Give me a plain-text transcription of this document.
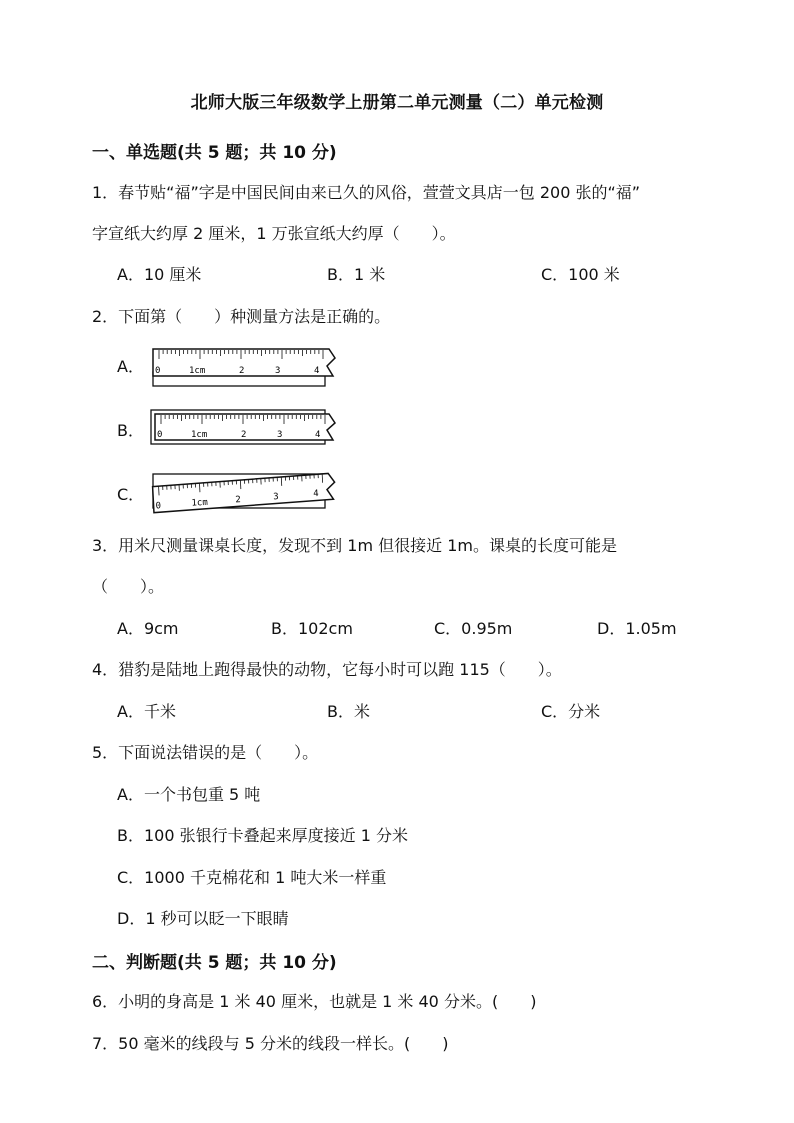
北师大版三年级数学上册第二单元测量（二）单元检测
一、单选题(共 5 题；共 10 分)
1．春节贴“福”字是中国民间由来已久的风俗，萱萱文具店一包 200 张的“福”
字宣纸大约厚 2 厘米，1 万张宣纸大约厚（　　）。
A．10 厘米	B．1 米	C．100 米
2．下面第（　　）种测量方法是正确的。
A． 0	1cm	2	3	4
B． 0	1cm	2	3	4
C．
0	1cm	2	3	4
3．用米尺测量课桌长度，发现不到 1m 但很接近 1m。课桌的长度可能是
（　　）。
A．9cm	B．102cm	C．0.95m	D．1.05m
4．猎豹是陆地上跑得最快的动物，它每小时可以跑 115（　　）。
A．千米	B．米	C．分米
5．下面说法错误的是（　　）。
A．一个书包重 5 吨
B．100 张银行卡叠起来厚度接近 1 分米
C．1000 千克棉花和 1 吨大米一样重
D．1 秒可以眨一下眼睛
二、判断题(共 5 题；共 10 分)
6．小明的身高是 1 米 40 厘米，也就是 1 米 40 分米。(　　)
7．50 毫米的线段与 5 分米的线段一样长。(　　)
